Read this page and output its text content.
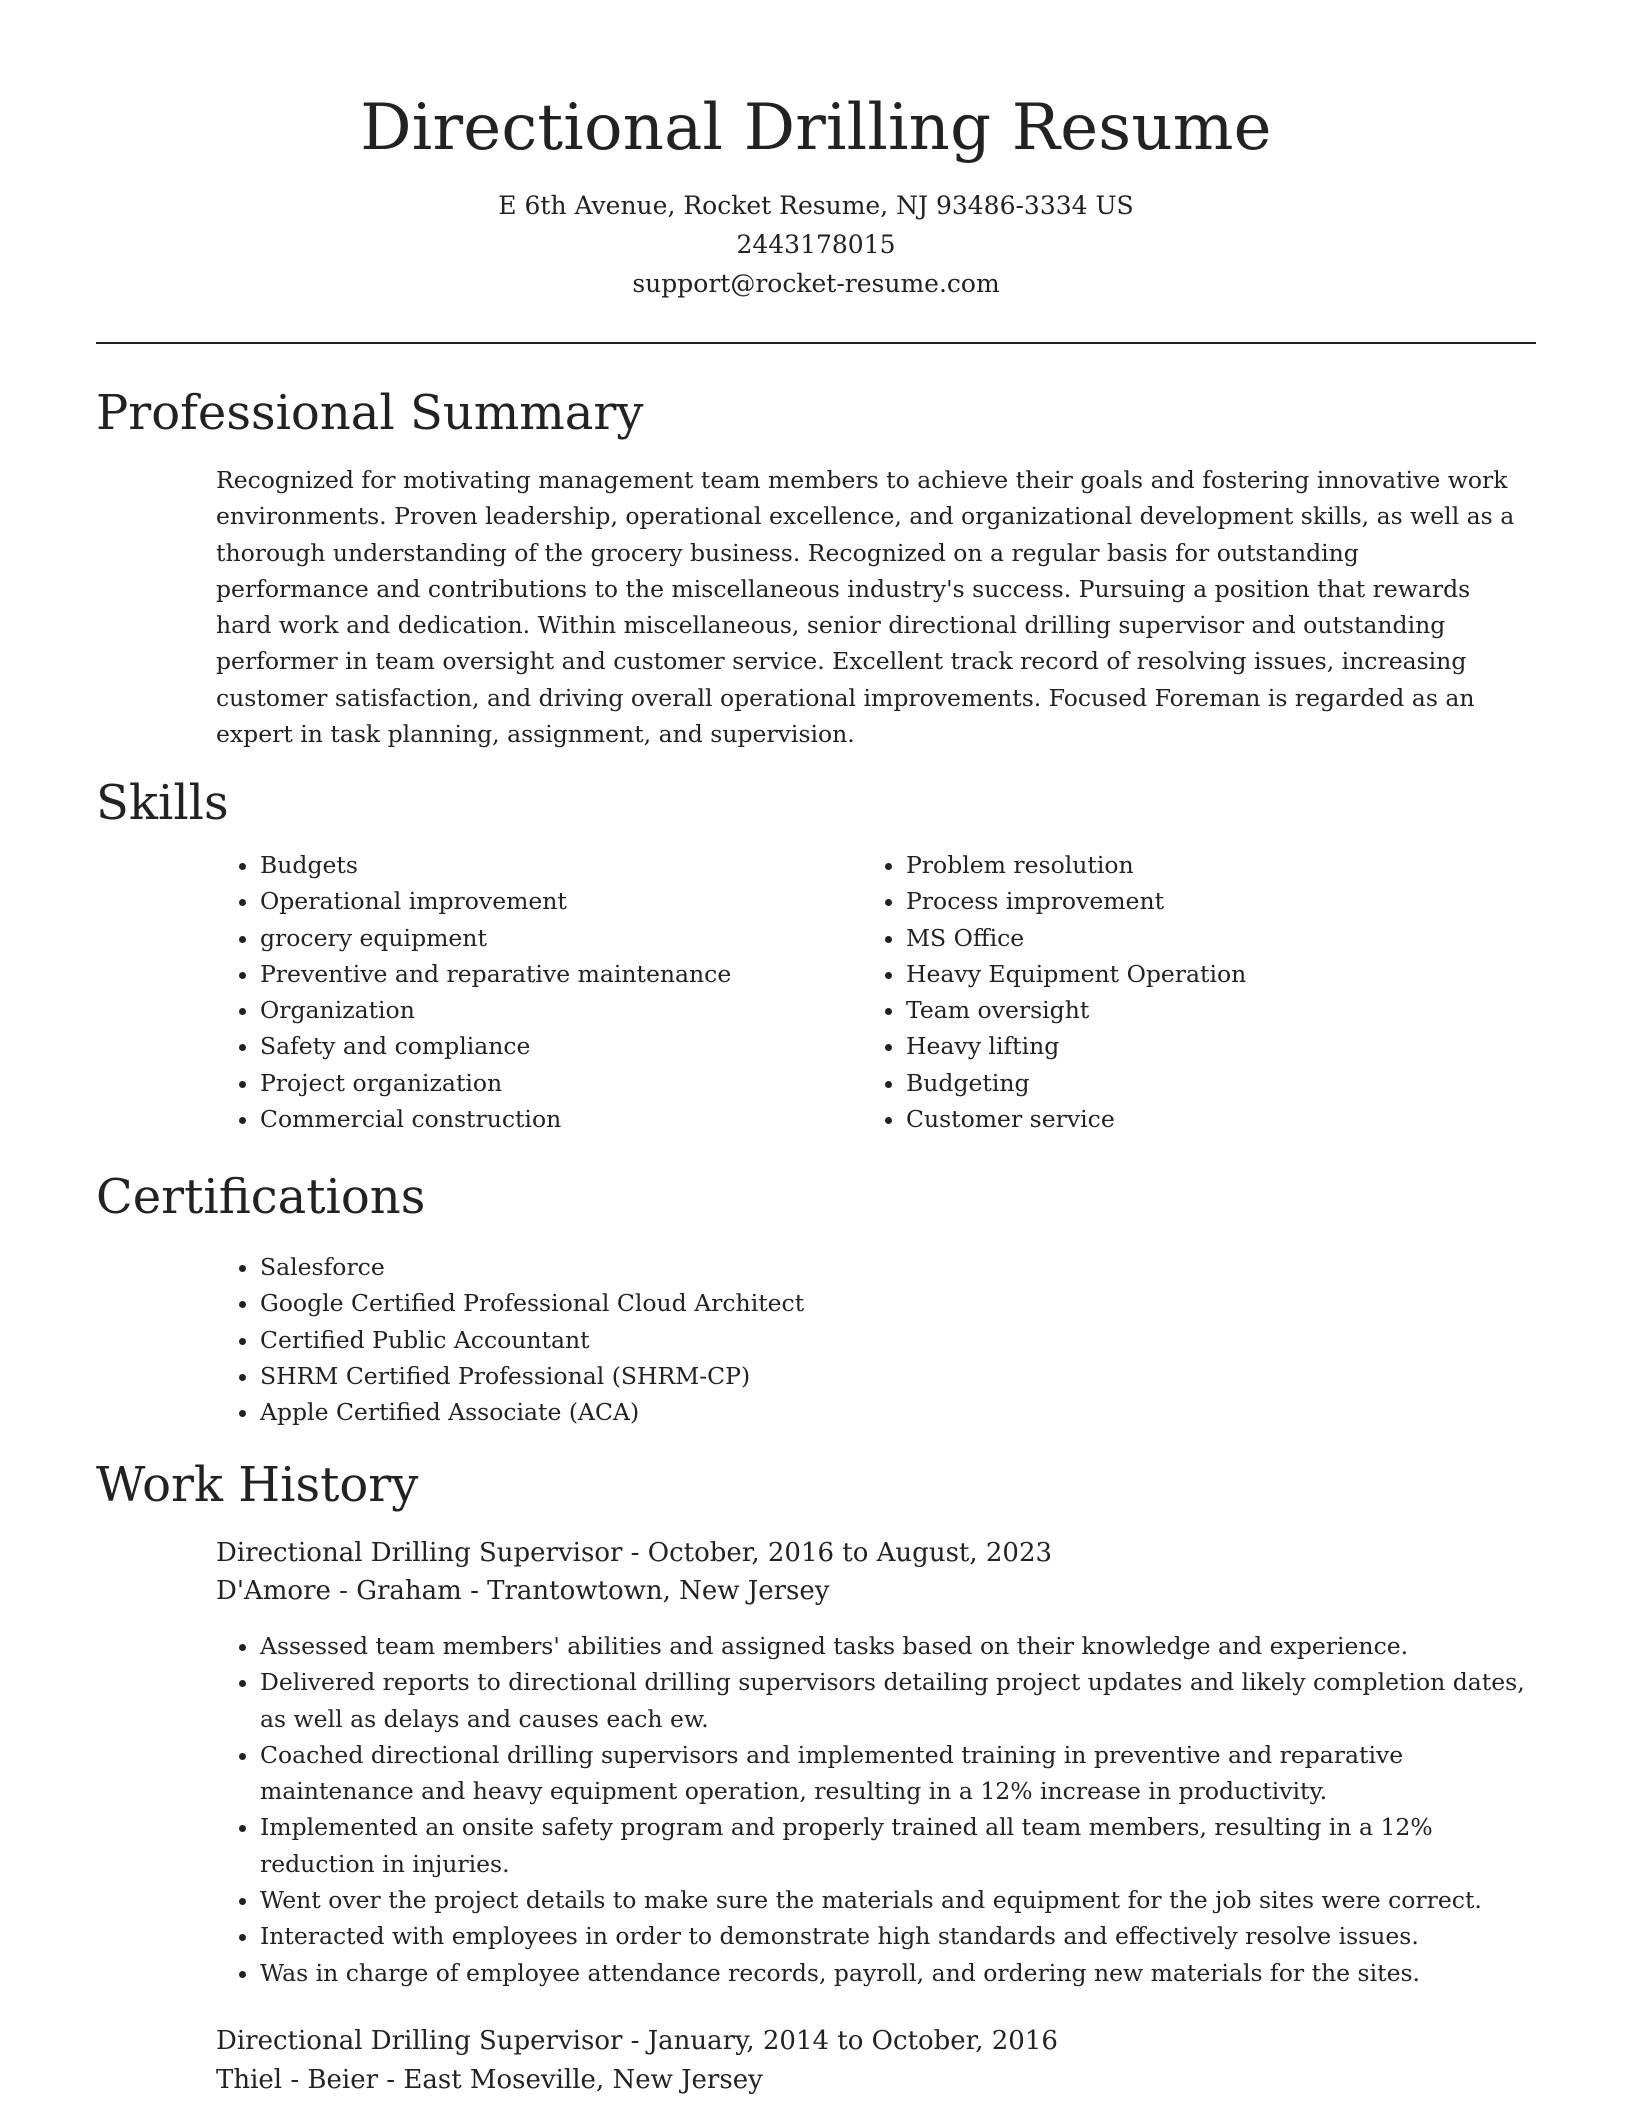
Directional Drilling Resume
E 6th Avenue, Rocket Resume, NJ 93486-3334 US
2443178015
support@rocket-resume.com
Professional Summary

Recognized for motivating management team members to achieve their goals and fostering innovative work environments. Proven leadership, operational excellence, and organizational development skills, as well as a thorough understanding of the grocery business. Recognized on a regular basis for outstanding performance and contributions to the miscellaneous industry's success. Pursuing a position that rewards hard work and dedication. Within miscellaneous, senior directional drilling supervisor and outstanding performer in team oversight and customer service. Excellent track record of resolving issues, increasing customer satisfaction, and driving overall operational improvements. Focused Foreman is regarded as an expert in task planning, assignment, and supervision.

Skills
• Budgets
• Operational improvement
• grocery equipment
• Preventive and reparative maintenance
• Organization
• Safety and compliance
• Project organization
• Commercial construction
• Problem resolution
• Process improvement
• MS Office
• Heavy Equipment Operation
• Team oversight
• Heavy lifting
• Budgeting
• Customer service
Certifications
• Salesforce
• Google Certified Professional Cloud Architect
• Certified Public Accountant
• SHRM Certified Professional (SHRM-CP)
• Apple Certified Associate (ACA)
Work History
Directional Drilling Supervisor - October, 2016 to August, 2023
D'Amore - Graham - Trantowtown, New Jersey
• Assessed team members' abilities and assigned tasks based on their knowledge and experience.
• Delivered reports to directional drilling supervisors detailing project updates and likely completion dates, as well as delays and causes each ew.
• Coached directional drilling supervisors and implemented training in preventive and reparative maintenance and heavy equipment operation, resulting in a 12% increase in productivity.
• Implemented an onsite safety program and properly trained all team members, resulting in a 12% reduction in injuries.
• Went over the project details to make sure the materials and equipment for the job sites were correct.
• Interacted with employees in order to demonstrate high standards and effectively resolve issues.
• Was in charge of employee attendance records, payroll, and ordering new materials for the sites.
Directional Drilling Supervisor - January, 2014 to October, 2016
Thiel - Beier - East Moseville, New Jersey
